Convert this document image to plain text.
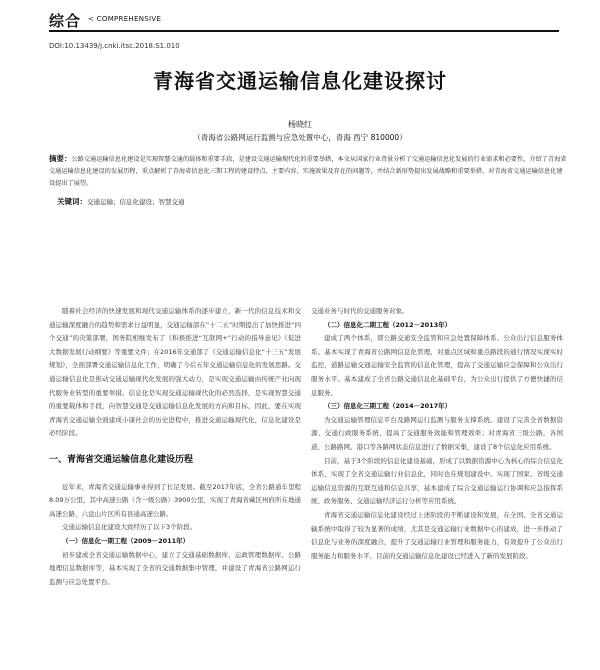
综合 < COMPREHENSIVE
DOI:10.13439/j.cnki.itsc.2018.S1.010
青海省交通运输信息化建设探讨
杨晓红
（青海省公路网运行监测与应急处置中心，青海 西宁 810000）
摘要：公路交通运输信息化建设是实现智慧交通的载体和重要手段，是建设交通运输现代化的重要举措，本文从国家行业背景分析了交通运输信息化发展的行业需求和必要性，介绍了青海省交通运输信息化建设的发展历程，重点解析了青海省信息化三期工程的建设特点、主要内容、实施效果及存在的问题等，并结合新形势提出发展战略和重要举措，对青海省交通运输信息化建设提出了展望。
关键词：交通运输；信息化建设；智慧交通

随着社会经济的快速发展和现代交通运输体系的逐步建立，新一代的信息技术和交通运输深度融合的趋势和需求日益明显，交通运输部在“十二五”时期提出了加快推进“四个交通”的决策部署，国务院相继发布了《积极推进“互联网+”行动的指导意见》《促进大数据发展行动纲要》等重要文件；在2016年交通部了《交通运输信息化“十三五”发展规划》，全面部署交通运输信息化工作，明确了今后五年交通运输信息化的发展思路。交通运输信息化是推动交通运输现代化发展的强大动力，是实现交通运输由传统产业向现代服务业转型的重要举措。信息化是实现交通运输现代化的必然选择，是实现智慧交通的重要载体和手段，向智慧交通是交通运输信息化发展的方向和目标，因此，要在实现青海省交通运输全面建成小康社会的历史进程中，推进交通运输现代化，信息化建设是必经阶段。

一、青海省交通运输信息化建设历程

近年来，青海省交通运输事业得到了长足发展。截至2017年底，全省公路通车里程8.09万公里，其中高速公路（含一级公路）3900公里，实现了青海省藏区州府所在地通高速公路，六盘山片区所有县通高速公路。

交通运输信息化建设大致经历了以下3个阶段。

（一）信息化一期工程（2009－2011年）

初步建成全省交通运输数据中心，建立了交通基础数据库、运政管理数据库、公路地理信息数据库等，基本实现了全省的交通数据集中管理，并建设了青海省公路网运行监测与应急处置平台。

交通业务与时代的交通服务对象。

（二）信息化二期工程（2012－2013年）

建成了两个体系，即公路交通安全监管和应急处置保障体系、公众出行信息服务体系。基本实现了青海省公路网信息化管理，对重点区域和重点路段的通行情况实现实时监控，道路运输交通运输安全监管的信息化管理，提高了交通运输应急保障和公众出行服务水平。基本建成了全省公路交通信息化基础平台，为公众出行提供了方便快捷的信息服务。

（三）信息化三期工程（2014－2017年）

为交通运输管理信息平台及路网运行监测与服务支撑系统。建设了完善全省数据资源、交通行政服务系统，提高了交通服务效能和管理效率；对青海省三级公路，各国道、公路路网、港口等各路网状态信息进行了数据采集，建设了8个信息化应用系统。

目前，基于3个阶段的信息化建设基础，形成了以数据资源中心为核心的综合信息化体系，实现了全省交通运输行业信息化，同时也在规划建设中。实现了国家、省级交通运输信息资源的互联互通和信息共享，基本建成了综合交通运输运行协调和应急指挥系统、政务服务、交通运输经济运行分析等应用系统。

青海省交通运输信息化建设经过上述阶段的不断建设和发展，在全国、全省交通运输系统中取得了较为显著的成绩，尤其是交通运输行业数据中心的建成，进一步推动了信息化与业务的深度融合，提升了交通运输行业管理和服务能力，有效提升了公众出行服务能力和服务水平。目前的交通运输信息化建设已经进入了新的发展阶段。
